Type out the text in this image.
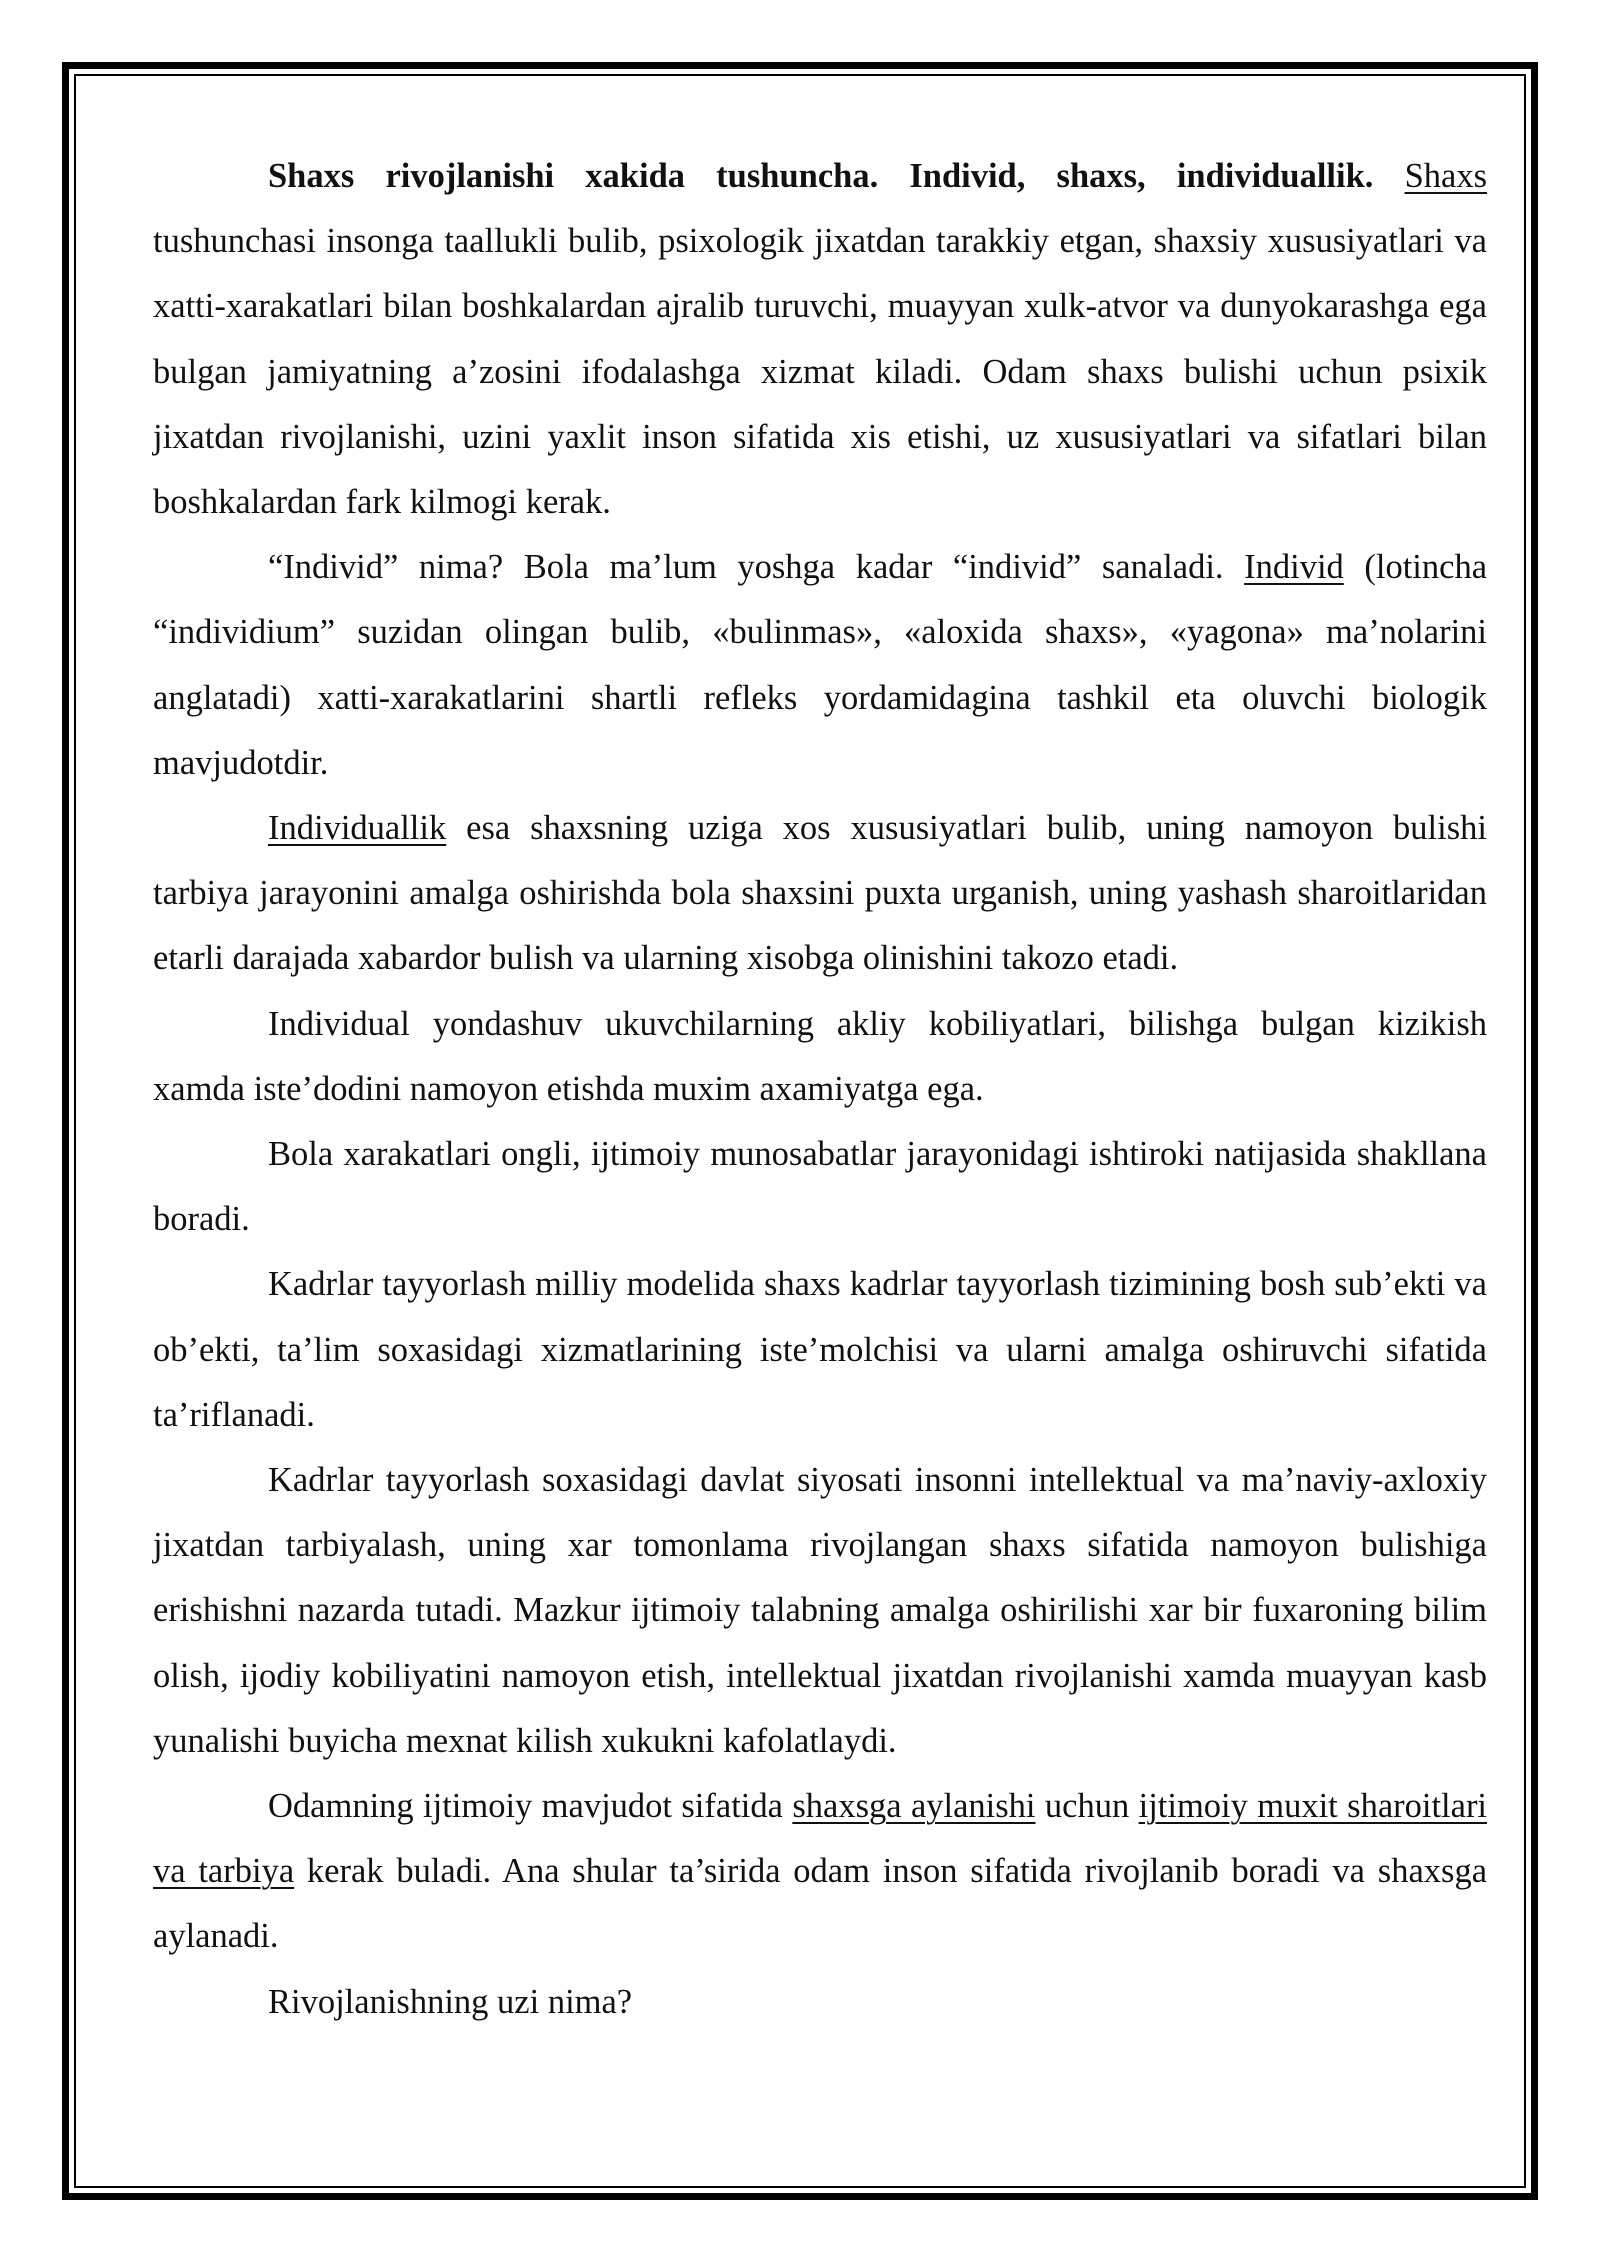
Shaxs rivojlanishi xakida tushuncha. Individ, shaxs, individuallik. Shaxs tushunchasi insonga taallukli bulib, psixologik jixatdan tarakkiy etgan, shaxsiy xususiyatlari va xatti-xarakatlari bilan boshkalardan ajralib turuvchi, muayyan xulk-atvor va dunyokarashga ega bulgan jamiyatning a’zosini ifodalashga xizmat kiladi. Odam shaxs bulishi uchun psixik jixatdan rivojlanishi, uzini yaxlit inson sifatida xis etishi, uz xususiyatlari va sifatlari bilan boshkalardan fark kilmogi kerak.

“Individ” nima? Bola ma’lum yoshga kadar “individ” sanaladi. Individ (lotincha “individium” suzidan olingan bulib, «bulinmas», «aloxida shaxs», «yagona» ma’nolarini anglatadi) xatti-xarakatlarini shartli refleks yordamidagina tashkil eta oluvchi biologik mavjudotdir.

Individuallik esa shaxsning uziga xos xususiyatlari bulib, uning namoyon bulishi tarbiya jarayonini amalga oshirishda bola shaxsini puxta urganish, uning yashash sharoitlaridan etarli darajada xabardor bulish va ularning xisobga olinishini takozo etadi.

Individual yondashuv ukuvchilarning akliy kobiliyatlari, bilishga bulgan kizikish xamda iste’dodini namoyon etishda muxim axamiyatga ega.

Bola xarakatlari ongli, ijtimoiy munosabatlar jarayonidagi ishtiroki natijasida shakllana boradi.

Kadrlar tayyorlash milliy modelida shaxs kadrlar tayyorlash tizimining bosh sub’ekti va ob’ekti, ta’lim soxasidagi xizmatlarining iste’molchisi va ularni amalga oshiruvchi sifatida ta’riflanadi.

Kadrlar tayyorlash soxasidagi davlat siyosati insonni intellektual va ma’naviy-axloxiy jixatdan tarbiyalash, uning xar tomonlama rivojlangan shaxs sifatida namoyon bulishiga erishishni nazarda tutadi. Mazkur ijtimoiy talabning amalga oshirilishi xar bir fuxaroning bilim olish, ijodiy kobiliyatini namoyon etish, intellektual jixatdan rivojlanishi xamda muayyan kasb yunalishi buyicha mexnat kilish xukukni kafolatlaydi.

Odamning ijtimoiy mavjudot sifatida shaxsga aylanishi uchun ijtimoiy muxit sharoitlari va tarbiya kerak buladi. Ana shular ta’sirida odam inson sifatida rivojlanib boradi va shaxsga aylanadi.

Rivojlanishning uzi nima?
